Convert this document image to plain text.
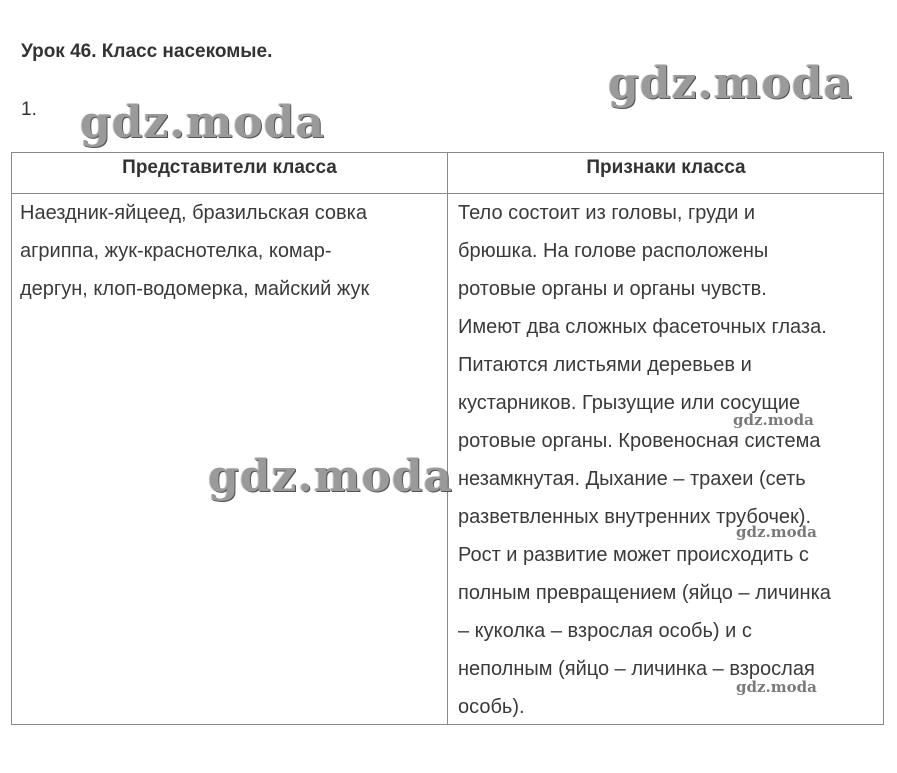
Урок 46. Класс насекомые.
1.
Представители класса	Признаки класса
Наездник-яйцеед, бразильская совка
агриппа, жук-краснотелка, комар-
дергун, клоп-водомерка, майский жук
Тело состоит из головы, груди и
брюшка. На голове расположены
ротовые органы и органы чувств.
Имеют два сложных фасеточных глаза.
Питаются листьями деревьев и
кустарников. Грызущие или сосущие
ротовые органы. Кровеносная система
незамкнутая. Дыхание – трахеи (сеть
разветвленных внутренних трубочек).
Рост и развитие может происходить с
полным превращением (яйцо – личинка
– куколка – взрослая особь) и с
неполным (яйцо – личинка – взрослая
особь).
gdz.moda
gdz.moda
gdz.moda
gdz.moda
gdz.moda
gdz.moda
